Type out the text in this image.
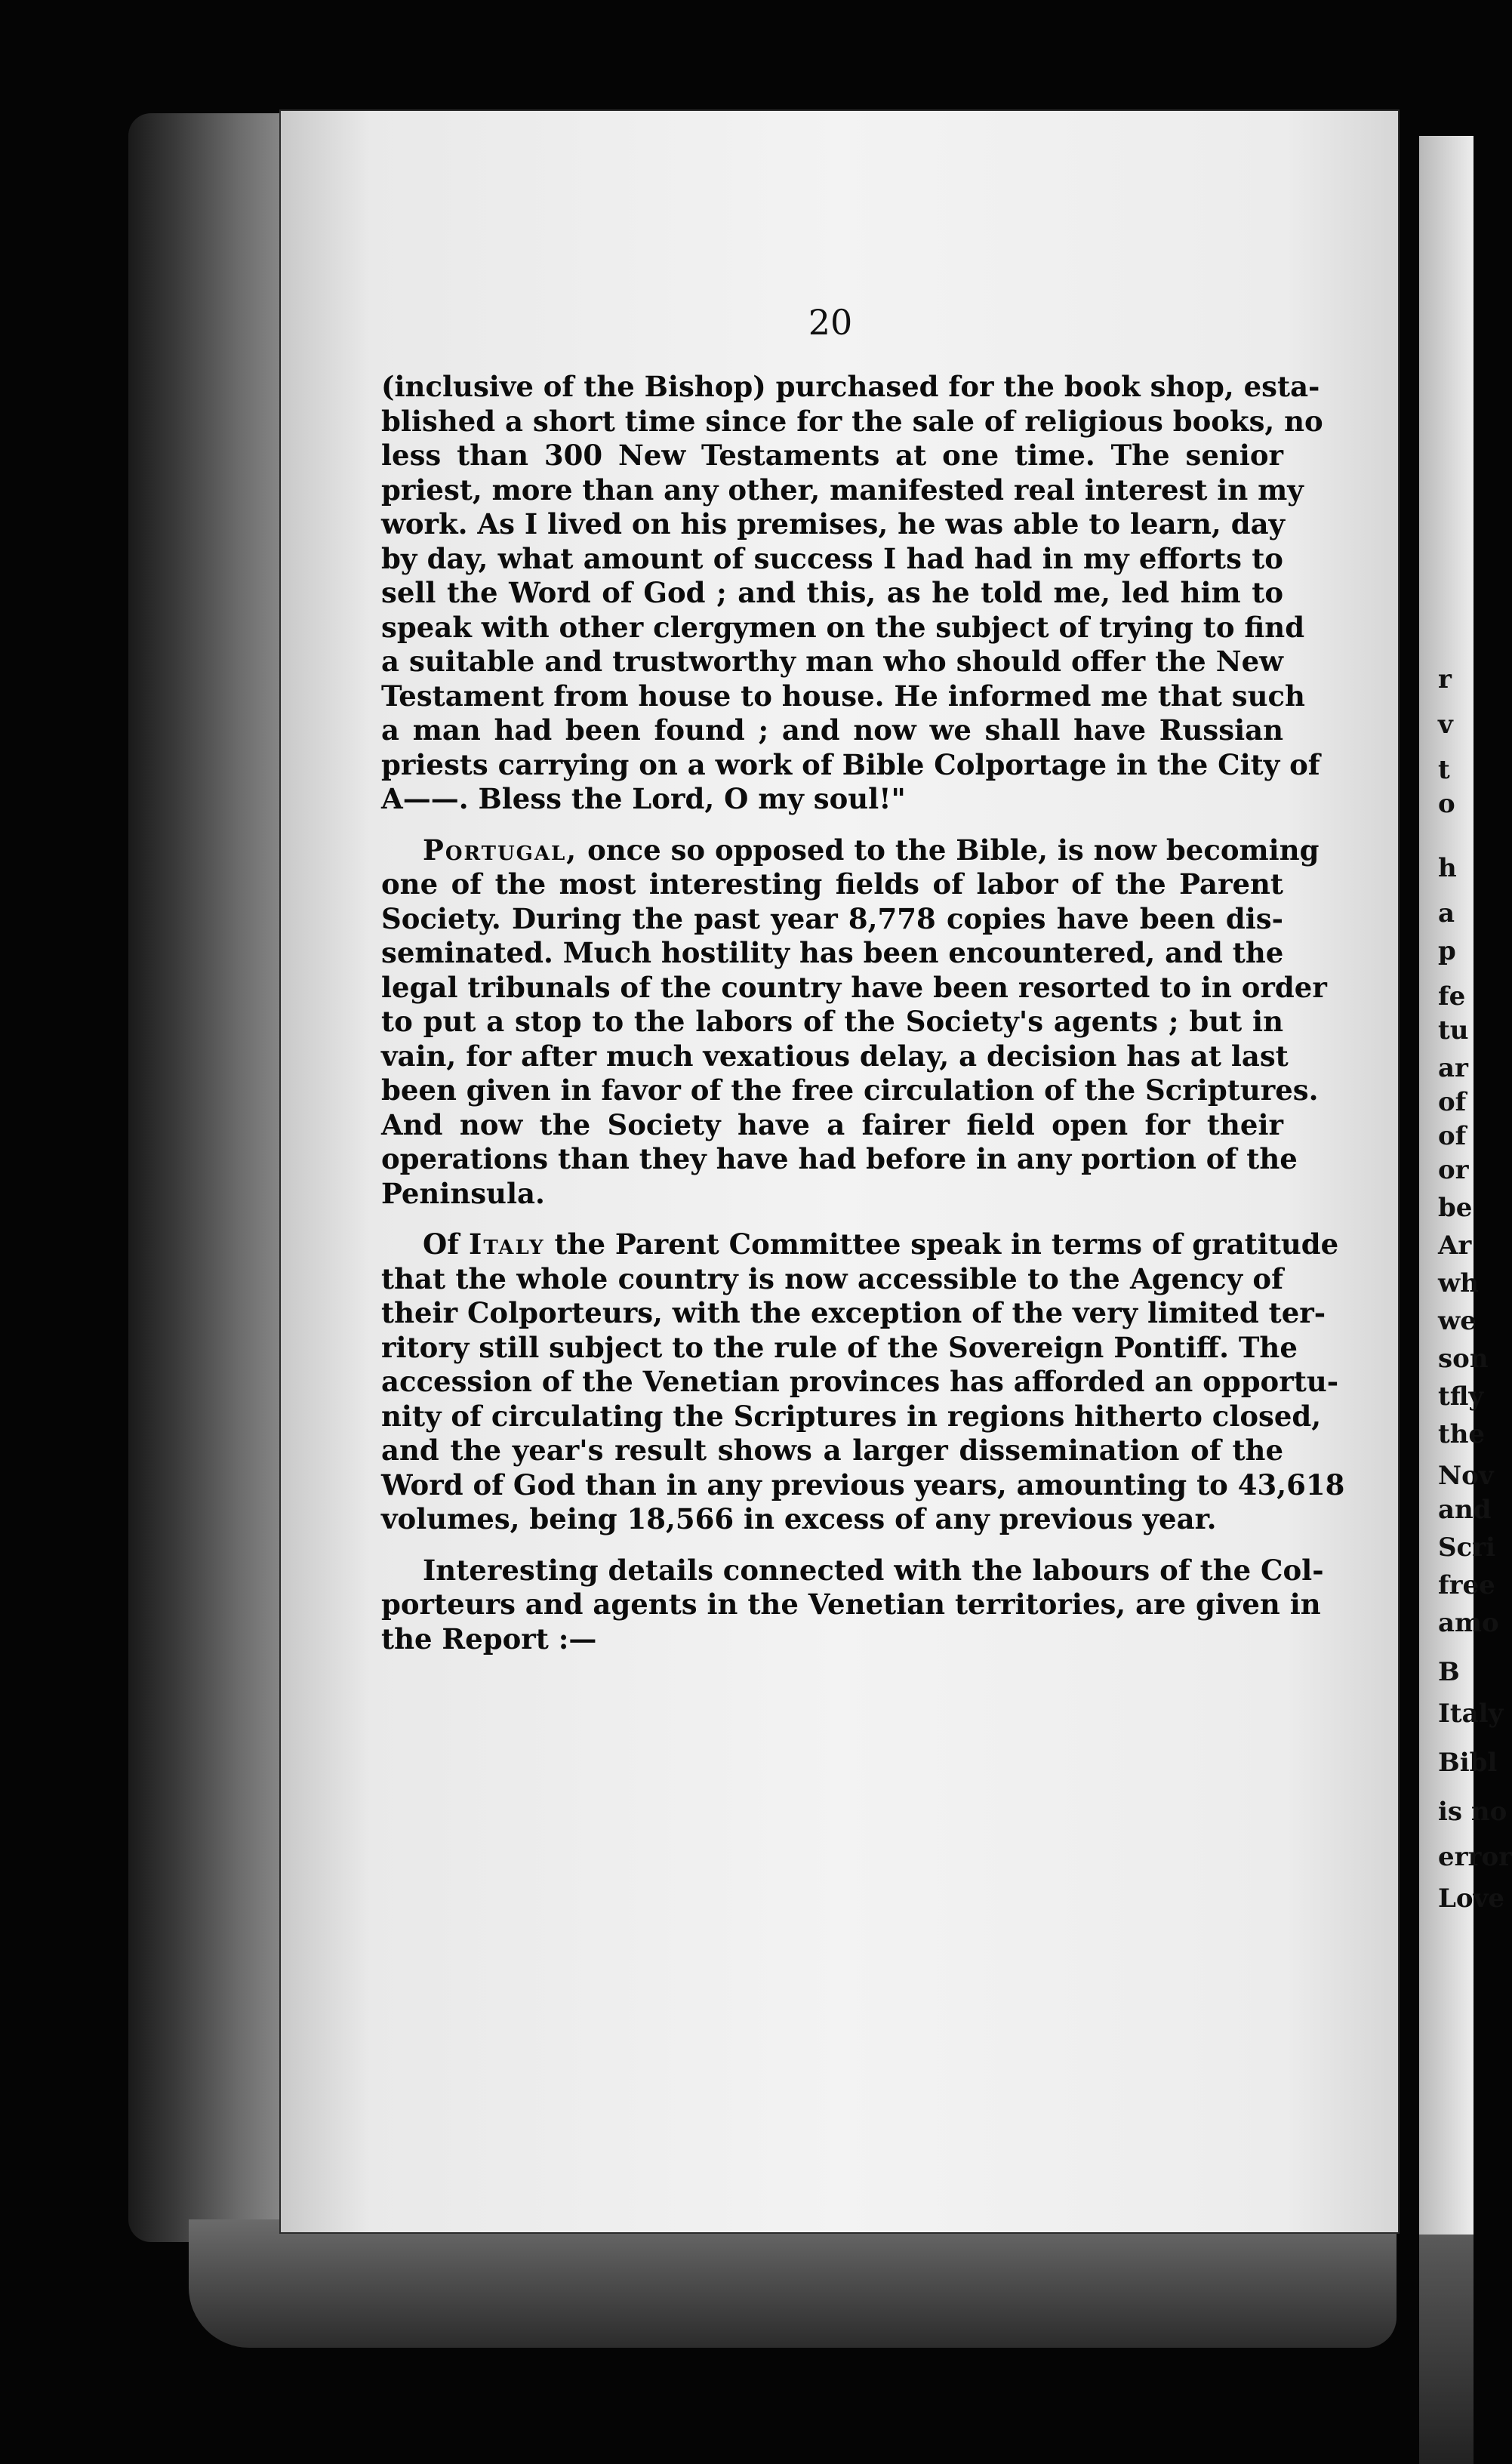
20
(inclusive of the Bishop) purchased for the book shop, esta-
blished a short time since for the sale of religious books, no
less than 300 New Testaments at one time. The senior
priest, more than any other, manifested real interest in my
work. As I lived on his premises, he was able to learn, day
by day, what amount of success I had had in my efforts to
sell the Word of God ; and this, as he told me, led him to
speak with other clergymen on the subject of trying to find
a suitable and trustworthy man who should offer the New
Testament from house to house. He informed me that such
a man had been found ; and now we shall have Russian
priests carrying on a work of Bible Colportage in the City of
A——. Bless the Lord, O my soul!"
Portugal, once so opposed to the Bible, is now becoming
one of the most interesting fields of labor of the Parent
Society. During the past year 8,778 copies have been dis-
seminated. Much hostility has been encountered, and the
legal tribunals of the country have been resorted to in order
to put a stop to the labors of the Society's agents ; but in
vain, for after much vexatious delay, a decision has at last
been given in favor of the free circulation of the Scriptures.
And now the Society have a fairer field open for their
operations than they have had before in any portion of the
Peninsula.
Of Italy the Parent Committee speak in terms of gratitude
that the whole country is now accessible to the Agency of
their Colporteurs, with the exception of the very limited ter-
ritory still subject to the rule of the Sovereign Pontiff. The
accession of the Venetian provinces has afforded an opportu-
nity of circulating the Scriptures in regions hitherto closed,
and the year's result shows a larger dissemination of the
Word of God than in any previous years, amounting to 43,618
volumes, being 18,566 in excess of any previous year.
Interesting details connected with the labours of the Col-
porteurs and agents in the Venetian territories, are given in
the Report :—
r
v
t
o
h
a
p
fe
tu
ar
of
of
or
be
Ar
wh
we
son
tfly
the
Nov
and
Scri
free
amo
B
Italy
Bibl
is no
error
Love
